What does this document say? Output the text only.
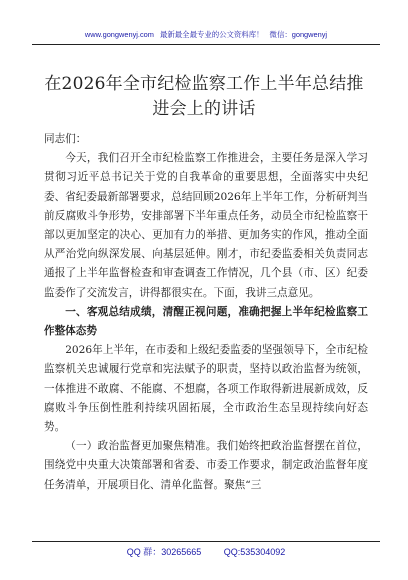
www.gongwenyj.com 最新最全最专业的公文资料库！ 微信：gongwenyj
在2026年全市纪检监察工作上半年总结推进会上的讲话

同志们：

今天，我们召开全市纪检监察工作推进会，主要任务是深入学习贯彻习近平总书记关于党的自我革命的重要思想，全面落实中央纪委、省纪委最新部署要求，总结回顾2026年上半年工作，分析研判当前反腐败斗争形势，安排部署下半年重点任务，动员全市纪检监察干部以更加坚定的决心、更加有力的举措、更加务实的作风，推动全面从严治党向纵深发展、向基层延伸。刚才，市纪委监委相关负责同志通报了上半年监督检查和审查调查工作情况，几个县（市、区）纪委监委作了交流发言，讲得都很实在。下面，我讲三点意见。

一、客观总结成绩，清醒正视问题，准确把握上半年纪检监察工作整体态势

2026年上半年，在市委和上级纪委监委的坚强领导下，全市纪检监察机关忠诚履行党章和宪法赋予的职责，坚持以政治监督为统领，一体推进不敢腐、不能腐、不想腐，各项工作取得新进展新成效，反腐败斗争压倒性胜利持续巩固拓展，全市政治生态呈现持续向好态势。

（一）政治监督更加聚焦精准。我们始终把政治监督摆在首位，围绕党中央重大决策部署和省委、市委工作要求，制定政治监督年度任务清单，开展项目化、清单化监督。聚焦“三

QQ 群：30265665	QQ:535304092
